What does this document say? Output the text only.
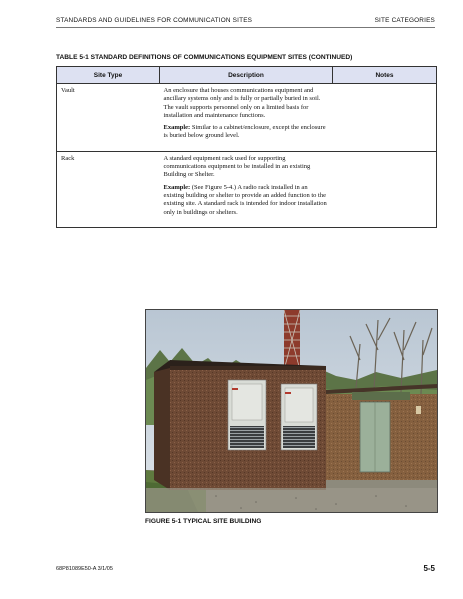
STANDARDS AND GUIDELINES FOR COMMUNICATION SITES	SITE CATEGORIES
TABLE 5-1 STANDARD DEFINITIONS OF COMMUNICATIONS EQUIPMENT SITES (CONTINUED)
Site Type	Description	Notes
Vault	An enclosure that houses communications equipment and ancillary systems only and is fully or partially buried in soil. The vault supports personnel only on a limited basis for installation and maintenance functions.

Example: Similar to a cabinet/enclosure, except the enclosure is buried below ground level.	

Rack	A standard equipment rack used for supporting communications equipment to be installed in an existing Building or Shelter.

Example: (See Figure 5-4.) A radio rack installed in an existing building or shelter to provide an added function to the existing site. A standard rack is intended for indoor installation only in buildings or shelters.	

FIGURE 5-1 TYPICAL SITE BUILDING
68P81089E50-A 3/1/05	5-5
